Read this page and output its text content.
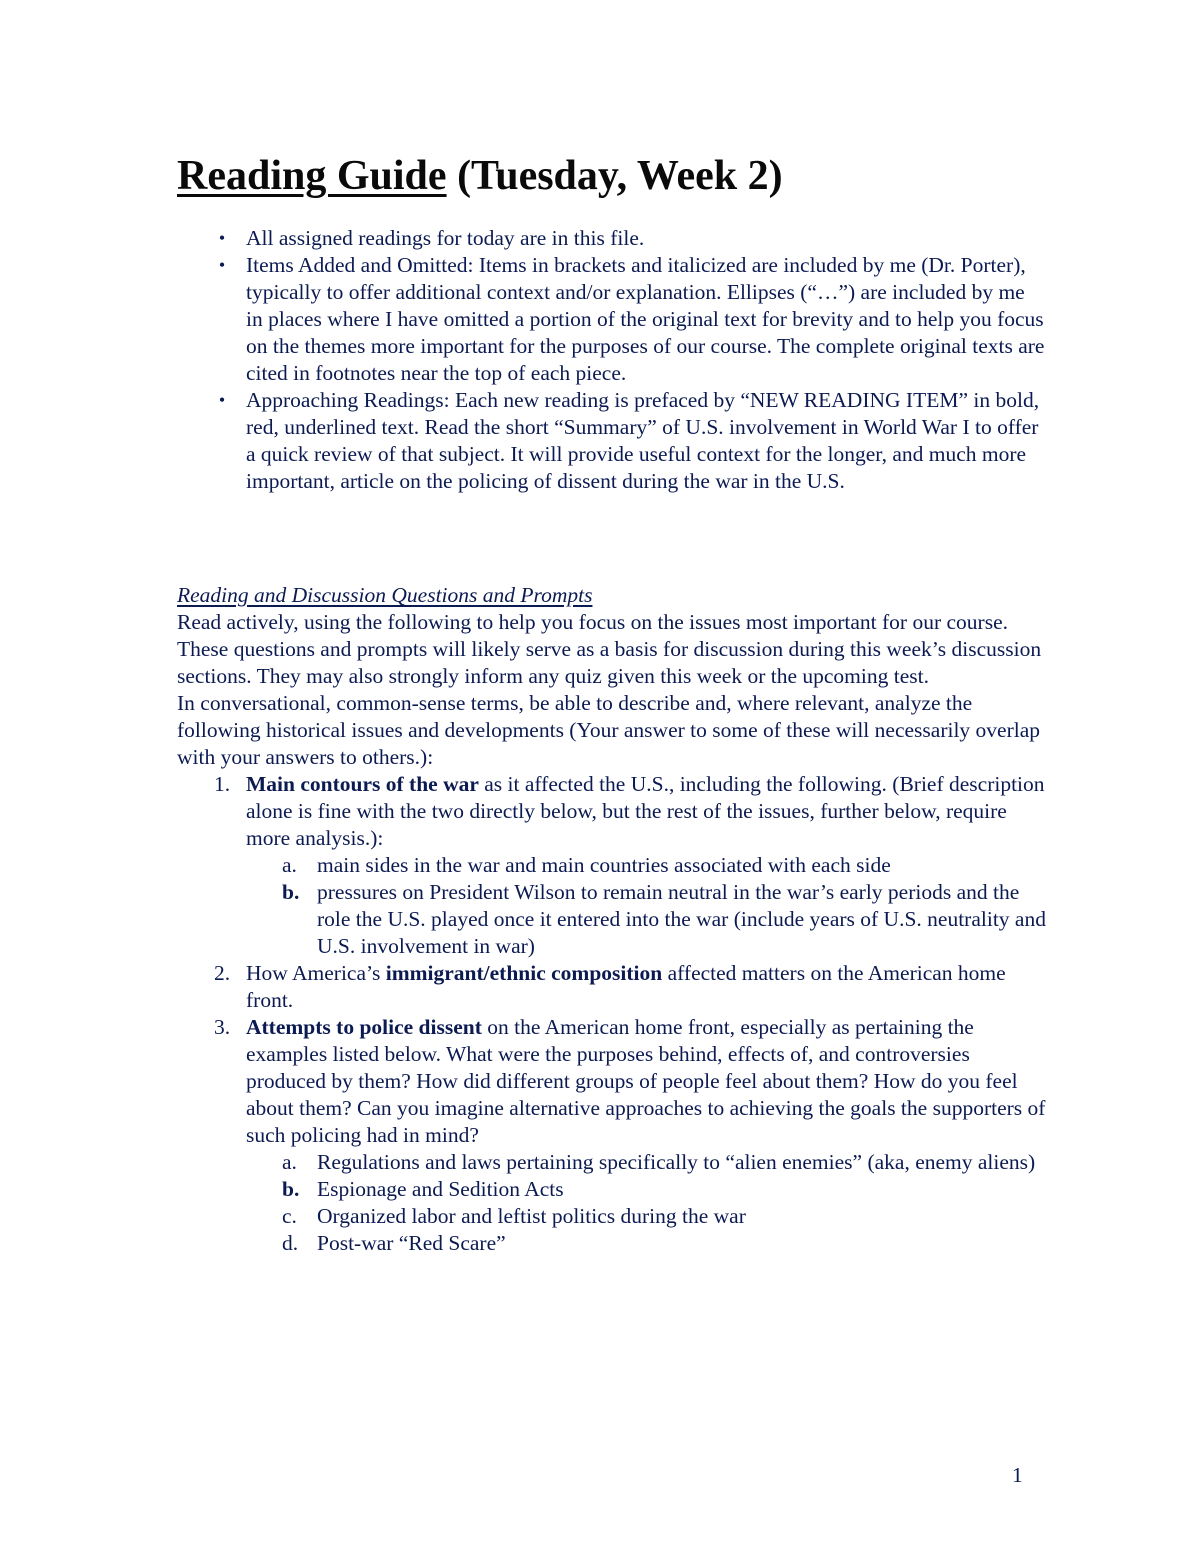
Reading Guide (Tuesday, Week 2)
• All assigned readings for today are in this file.
• Items Added and Omitted: Items in brackets and italicized are included by me (Dr. Porter), typically to offer additional context and/or explanation. Ellipses (“…”) are included by me in places where I have omitted a portion of the original text for brevity and to help you focus on the themes more important for the purposes of our course. The complete original texts are cited in footnotes near the top of each piece.
• Approaching Readings: Each new reading is prefaced by “NEW READING ITEM” in bold, red, underlined text. Read the short “Summary” of U.S. involvement in World War I to offer a quick review of that subject. It will provide useful context for the longer, and much more important, article on the policing of dissent during the war in the U.S.
Reading and Discussion Questions and Prompts
Read actively, using the following to help you focus on the issues most important for our course. These questions and prompts will likely serve as a basis for discussion during this week’s discussion sections. They may also strongly inform any quiz given this week or the upcoming test.
In conversational, common-sense terms, be able to describe and, where relevant, analyze the following historical issues and developments (Your answer to some of these will necessarily overlap with your answers to others.):
1. Main contours of the war as it affected the U.S., including the following. (Brief description alone is fine with the two directly below, but the rest of the issues, further below, require more analysis.):
a. main sides in the war and main countries associated with each side
b. pressures on President Wilson to remain neutral in the war’s early periods and the role the U.S. played once it entered into the war (include years of U.S. neutrality and U.S. involvement in war)
2. How America’s immigrant/ethnic composition affected matters on the American home front.
3. Attempts to police dissent on the American home front, especially as pertaining the examples listed below. What were the purposes behind, effects of, and controversies produced by them? How did different groups of people feel about them? How do you feel about them? Can you imagine alternative approaches to achieving the goals the supporters of such policing had in mind?
a. Regulations and laws pertaining specifically to “alien enemies” (aka, enemy aliens)
b. Espionage and Sedition Acts
c. Organized labor and leftist politics during the war
d. Post-war “Red Scare”
1
